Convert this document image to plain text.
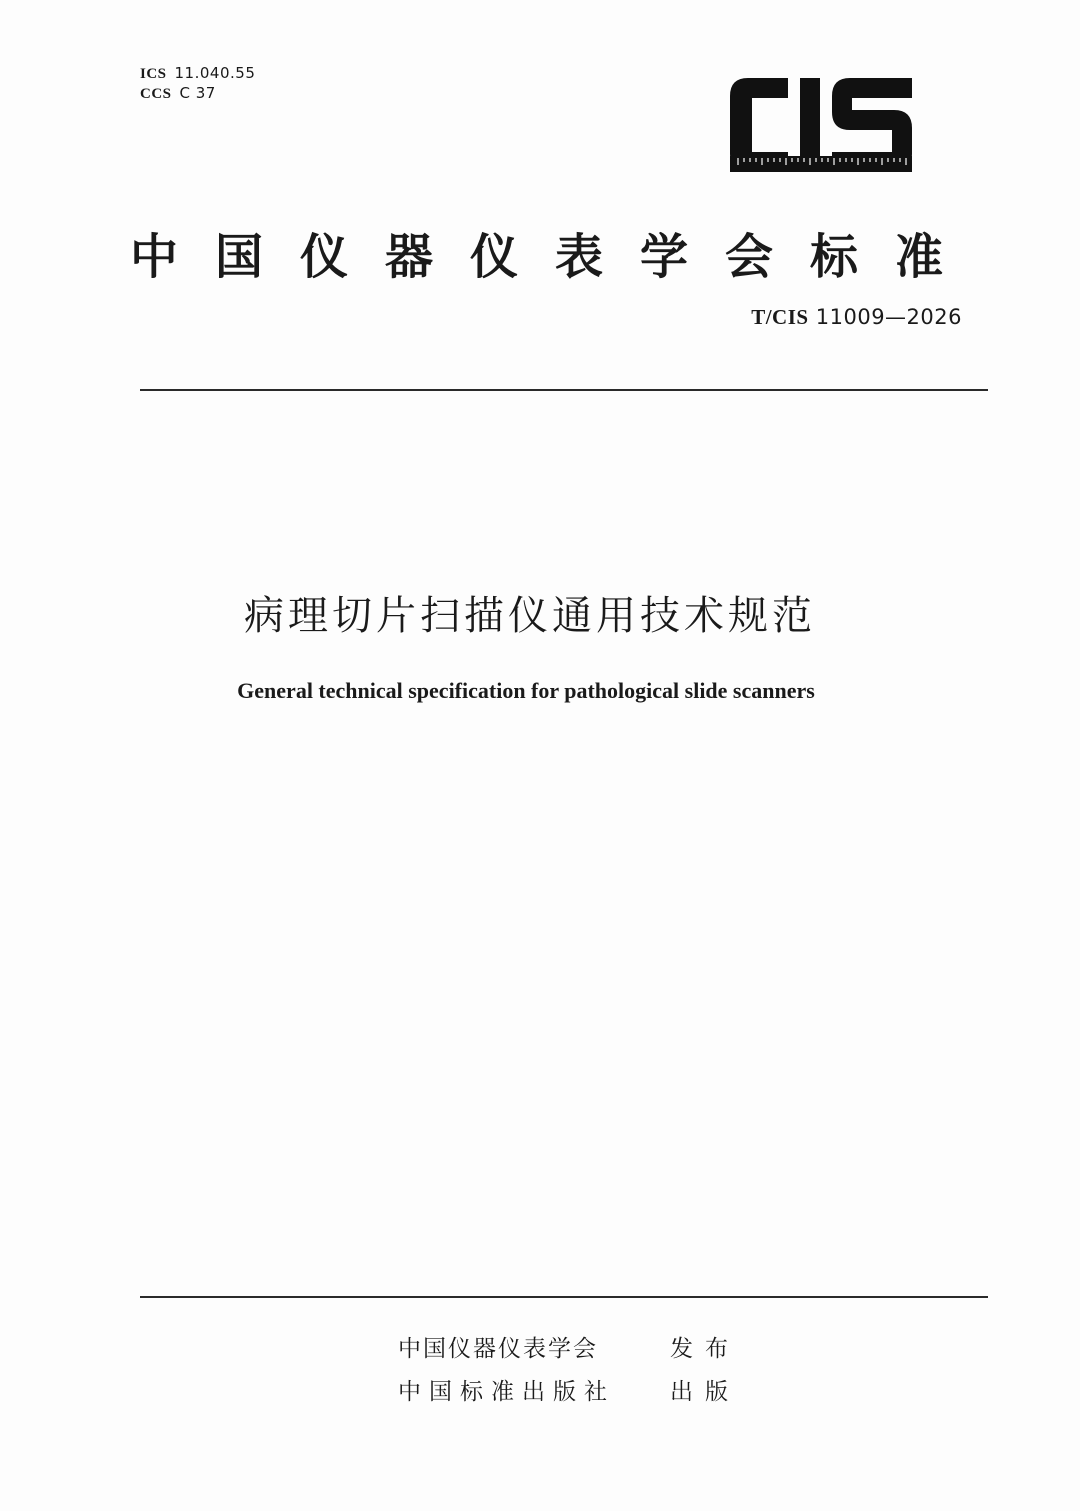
ICS 11.040.55
CCS C 37
中国仪器仪表学会标准
T/CIS 11009—2026
病理切片扫描仪通用技术规范
General technical specification for pathological slide scanners
中国仪器仪表学会	发布
中国标准出版社 出版
